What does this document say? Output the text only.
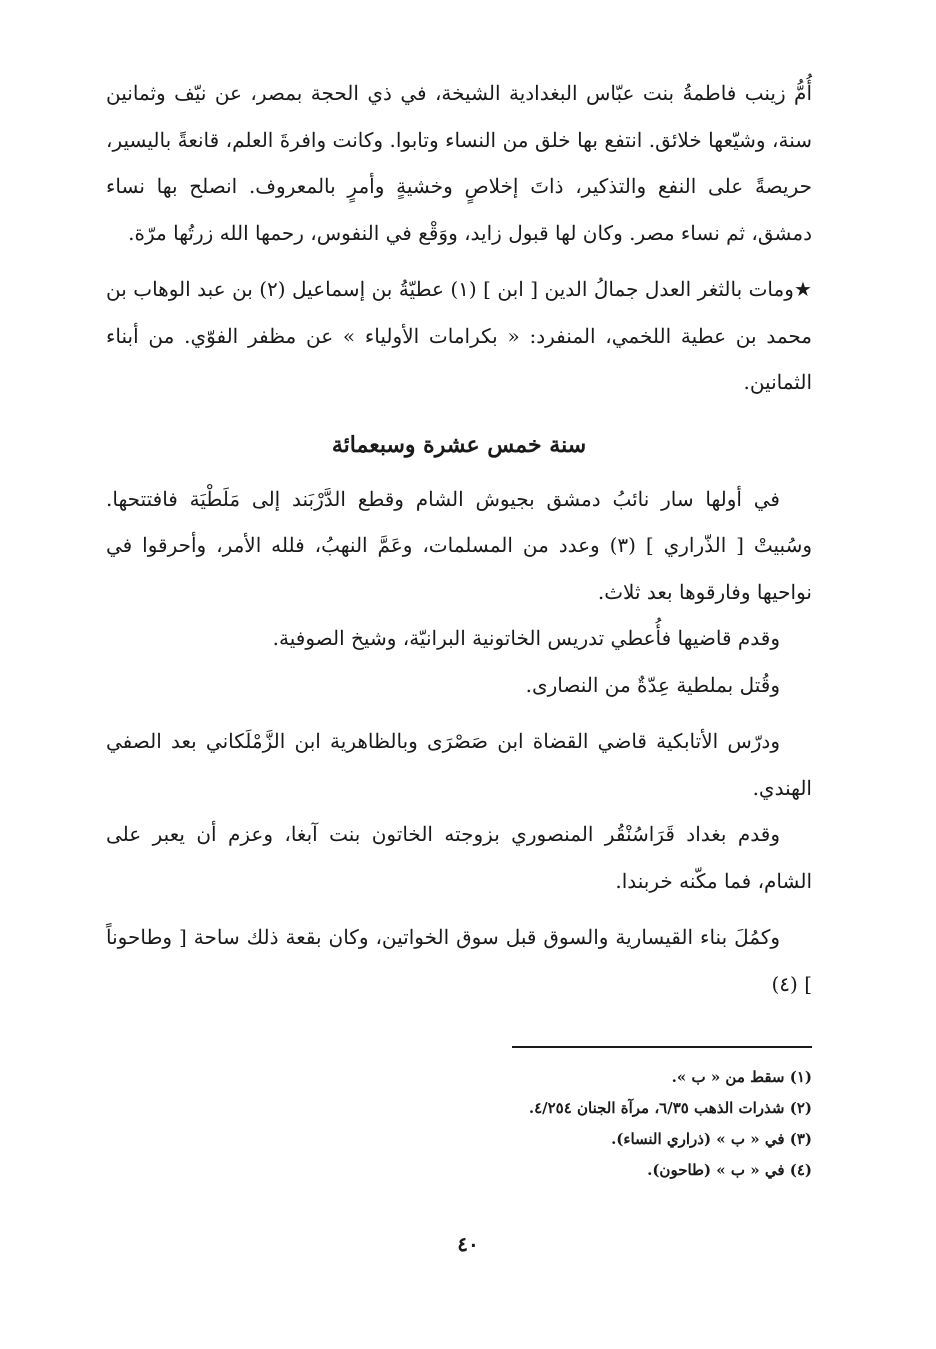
أُمُّ زينب فاطمةُ بنت عبّاس البغدادية الشيخة، في ذي الحجة بمصر، عن نيّف وثمانين سنة، وشيّعها خلائق. انتفع بها خلق من النساء وتابوا. وكانت وافرةَ العلم، قانعةً باليسير، حريصةً على النفع والتذكير، ذاتَ إخلاصٍ وخشيةٍ وأمرٍ بالمعروف. انصلح بها نساء دمشق، ثم نساء مصر. وكان لها قبول زايد، ووَقْع في النفوس، رحمها الله زرتُها مرّة.

★ومات بالثغر العدل جمالُ الدين [ ابن ] (١) عطيّةُ بن إسماعيل (٢) بن عبد الوهاب بن محمد بن عطية اللخمي، المنفرد: « بكرامات الأولياء » عن مظفر الفوّي. من أبناء الثمانين.

سنة خمس عشرة وسبعمائة

في أولها سار نائبُ دمشق بجيوش الشام وقطع الدَّرْبَند إلى مَلَطْيَة فافتتحها. وسُبيتْ [ الذّراري ] (٣) وعدد من المسلمات، وعَمَّ النهبُ، فلله الأمر، وأحرقوا في نواحيها وفارقوها بعد ثلاث.

وقدم قاضيها فأُعطي تدريس الخاتونية البرانيّة، وشيخ الصوفية.

وقُتل بملطية عِدّةٌ من النصارى.

ودرّس الأتابكية قاضي القضاة ابن صَصْرَى وبالظاهرية ابن الزَّمْلَكاني بعد الصفي الهندي.

وقدم بغداد قَرَاسُنْقُر المنصوري بزوجته الخاتون بنت آبغا، وعزم أن يعبر على الشام، فما مكّنه خربندا.

وكمُلَ بناء القيسارية والسوق قبل سوق الخواتين، وكان بقعة ذلك ساحة [ وطاحوناً ] (٤)

(١) سقط من « ب ».

(٢) شذرات الذهب ٦/٣٥، مرآة الجنان ٤/٢٥٤.

(٣) في « ب » (ذراري النساء).

(٤) في « ب » (طاحون).

٤٠
